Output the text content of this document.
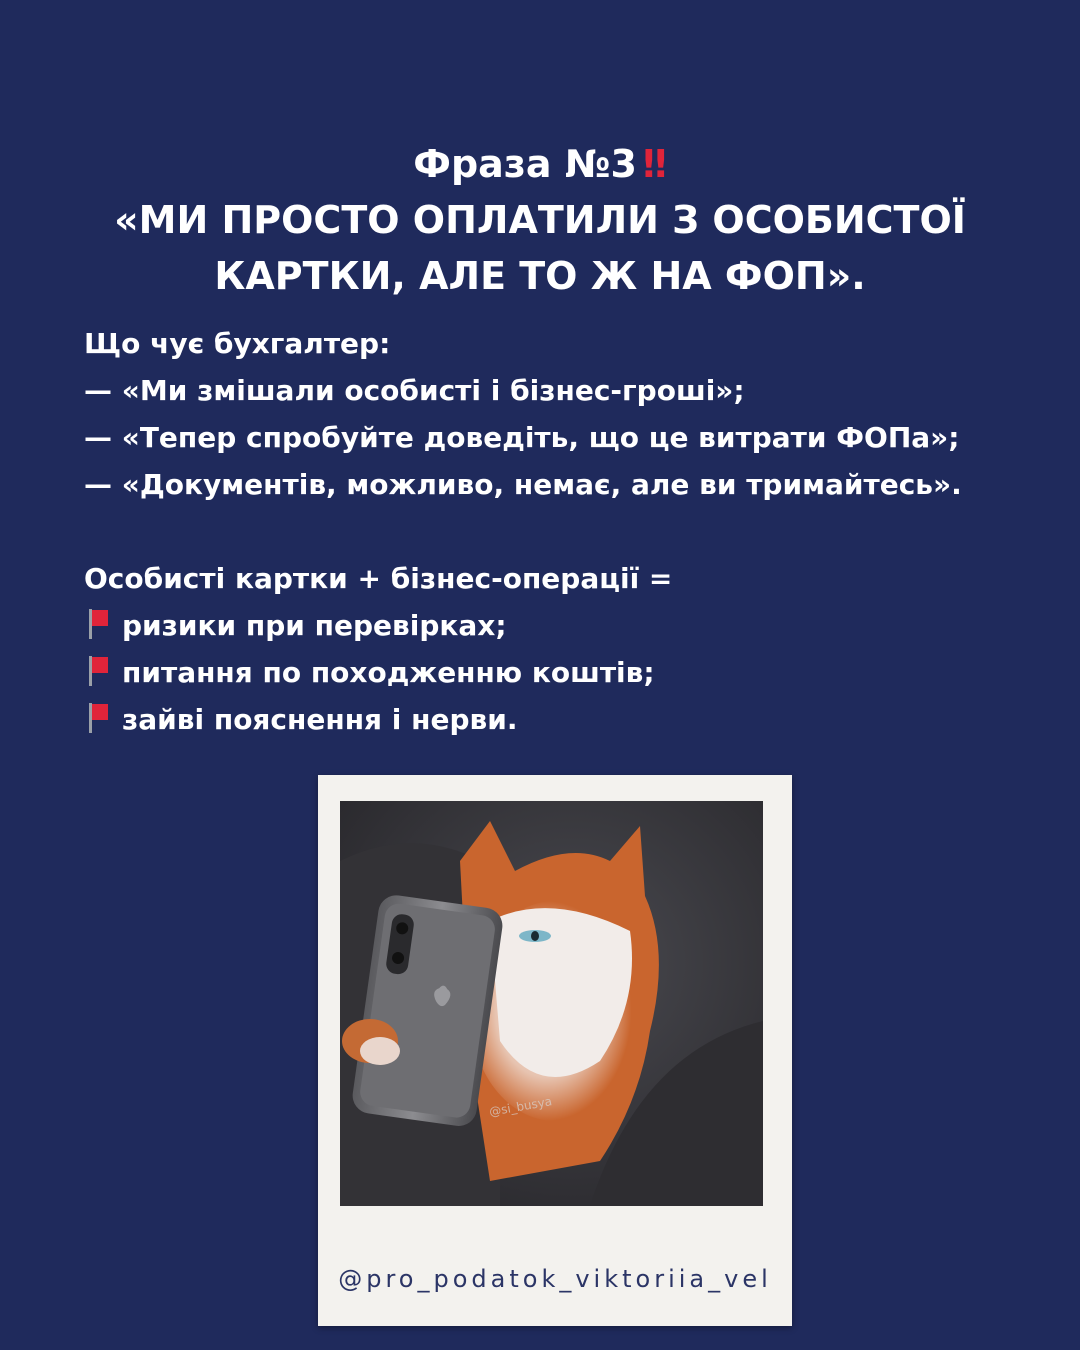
Фраза №3 ‼
«МИ ПРОСТО ОПЛАТИЛИ З ОСОБИСТОЇ
КАРТКИ, АЛЕ ТО Ж НА ФОП».
Що чує бухгалтер:
— «Ми змішали особисті і бізнес-гроші»;
— «Тепер спробуйте доведіть, що це витрати ФОПа»;
— «Документів, можливо, немає, але ви тримайтесь».
Особисті картки + бізнес-операції =
ризики при перевірках;
питання по походженню коштів;
зайві пояснення і нерви.
@si_busya
@pro_podatok_viktoriia_vel
